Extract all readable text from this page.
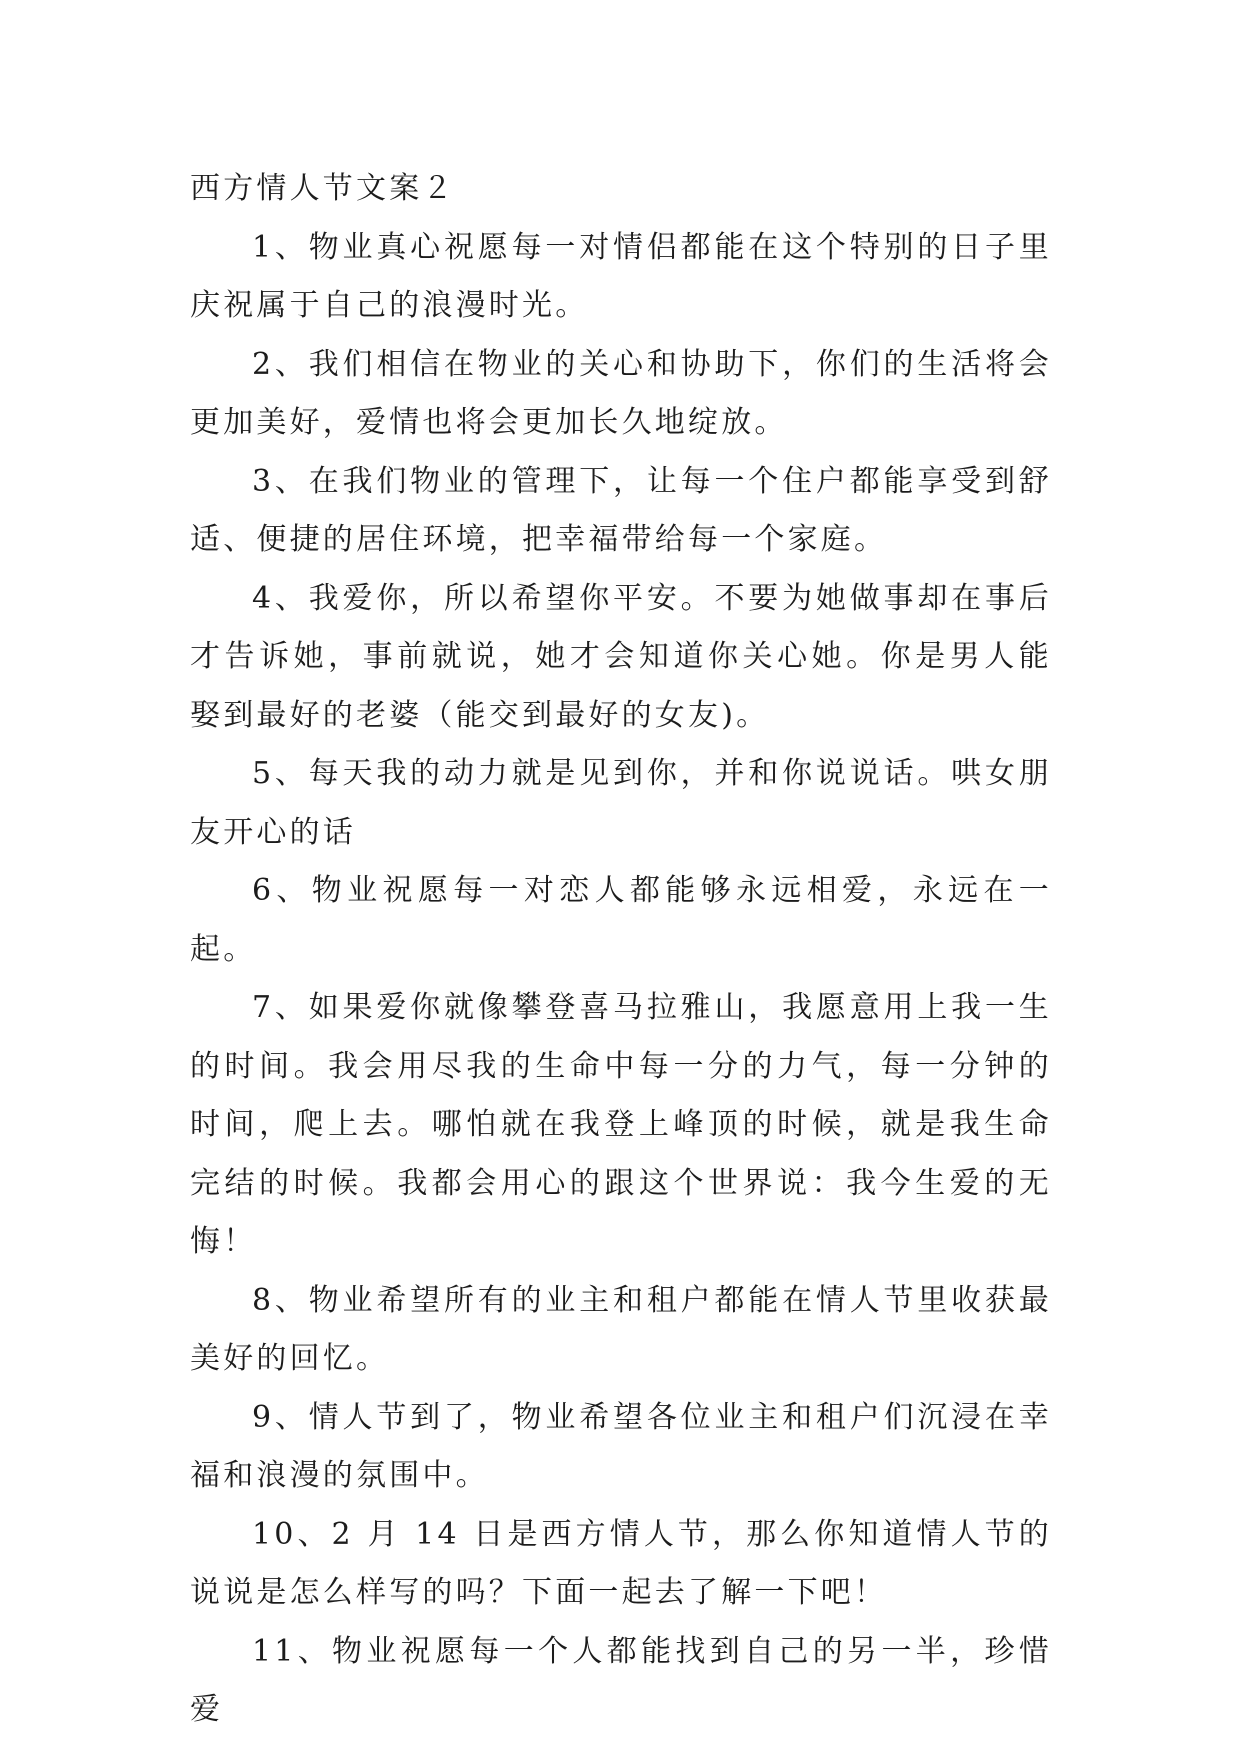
西方情人节文案２

1、物业真心祝愿每一对情侣都能在这个特别的日子里庆祝属于自己的浪漫时光。

2、我们相信在物业的关心和协助下，你们的生活将会更加美好，爱情也将会更加长久地绽放。

3、在我们物业的管理下，让每一个住户都能享受到舒适、便捷的居住环境，把幸福带给每一个家庭。

4、我爱你，所以希望你平安。不要为她做事却在事后才告诉她，事前就说，她才会知道你关心她。你是男人能娶到最好的老婆（能交到最好的女友)。

5、每天我的动力就是见到你，并和你说说话。哄女朋友开心的话

6、物业祝愿每一对恋人都能够永远相爱，永远在一起。

7、如果爱你就像攀登喜马拉雅山，我愿意用上我一生的时间。我会用尽我的生命中每一分的力气，每一分钟的时间，爬上去。哪怕就在我登上峰顶的时候，就是我生命完结的时候。我都会用心的跟这个世界说：我今生爱的无悔！

8、物业希望所有的业主和租户都能在情人节里收获最美好的回忆。

9、情人节到了，物业希望各位业主和租户们沉浸在幸福和浪漫的氛围中。

10、2 月 14 日是西方情人节，那么你知道情人节的说说是怎么样写的吗？下面一起去了解一下吧！

11、物业祝愿每一个人都能找到自己的另一半，珍惜爱
